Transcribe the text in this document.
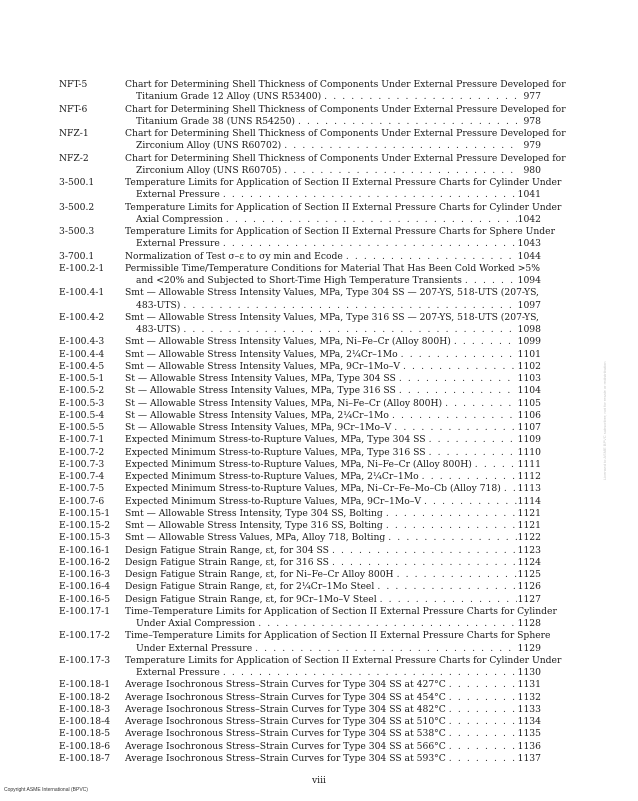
NFT-5	Chart for Determining Shell Thickness of Components Under External Pressure Developed for
Titanium Grade 12 Alloy (UNS R53400) . . .	977
NFT-6	Chart for Determining Shell Thickness of Components Under External Pressure Developed for
Titanium Grade 38 (UNS R54250) . . .	978
NFZ-1	Chart for Determining Shell Thickness of Components Under External Pressure Developed for
Zirconium Alloy (UNS R60702) . . .	979
NFZ-2	Chart for Determining Shell Thickness of Components Under External Pressure Developed for
Zirconium Alloy (UNS R60705) . . .	980
3-500.1	Temperature Limits for Application of Section II External Pressure Charts for Cylinder Under
External Pressure . . .	1041
3-500.2	Temperature Limits for Application of Section II External Pressure Charts for Cylinder Under
Axial Compression . . .	1042
3-500.3	Temperature Limits for Application of Section II External Pressure Charts for Sphere Under
External Pressure . . .	1043
3-700.1	Normalization of Test σ–ε to σy min and Ecode . . .	1044
E-100.2-1	Permissible Time/Temperature Conditions for Material That Has Been Cold Worked >5%
and <20% and Subjected to Short-Time High Temperature Transients . . .	1094
E-100.4-1	Smt — Allowable Stress Intensity Values, MPa, Type 304 SS — 207-YS, 518-UTS (207-YS,
483-UTS) . . .	1097
E-100.4-2	Smt — Allowable Stress Intensity Values, MPa, Type 316 SS — 207-YS, 518-UTS (207-YS,
483-UTS) . . .	1098
E-100.4-3	Smt — Allowable Stress Intensity Values, MPa, Ni–Fe–Cr (Alloy 800H) . . .	1099
E-100.4-4	Smt — Allowable Stress Intensity Values, MPa, 2¼Cr–1Mo . . .	1101
E-100.4-5	Smt — Allowable Stress Intensity Values, MPa, 9Cr–1Mo–V . . .	1102
E-100.5-1	St — Allowable Stress Intensity Values, MPa, Type 304 SS . . .	1103
E-100.5-2	St — Allowable Stress Intensity Values, MPa, Type 316 SS . . .	1104
E-100.5-3	St — Allowable Stress Intensity Values, MPa, Ni–Fe–Cr (Alloy 800H) . . .	1105
E-100.5-4	St — Allowable Stress Intensity Values, MPa, 2¼Cr–1Mo . . .	1106
E-100.5-5	St — Allowable Stress Intensity Values, MPa, 9Cr–1Mo–V . . .	1107
E-100.7-1	Expected Minimum Stress-to-Rupture Values, MPa, Type 304 SS . . .	1109
E-100.7-2	Expected Minimum Stress-to-Rupture Values, MPa, Type 316 SS . . .	1110
E-100.7-3	Expected Minimum Stress-to-Rupture Values, MPa, Ni–Fe–Cr (Alloy 800H) . . .	1111
E-100.7-4	Expected Minimum Stress-to-Rupture Values, MPa, 2¼Cr–1Mo . . .	1112
E-100.7-5	Expected Minimum Stress-to-Rupture Values, MPa, Ni–Cr–Fe–Mo–Cb (Alloy 718) . . . 1113
E-100.7-6	Expected Minimum Stress-to-Rupture Values, MPa, 9Cr–1Mo–V . . .	1114
E-100.15-1	Smt — Allowable Stress Intensity, Type 304 SS, Bolting . . .	1121
E-100.15-2	Smt — Allowable Stress Intensity, Type 316 SS, Bolting . . .	1121
E-100.15-3	Smt — Allowable Stress Values, MPa, Alloy 718, Bolting . . .	1122
E-100.16-1	Design Fatigue Strain Range, εt, for 304 SS . . .	1123
E-100.16-2	Design Fatigue Strain Range, εt, for 316 SS . . .	1124
E-100.16-3	Design Fatigue Strain Range, εt, for Ni–Fe–Cr Alloy 800H . . .	1125
E-100.16-4	Design Fatigue Strain Range, εt, for 2¼Cr–1Mo Steel . . .	1126
E-100.16-5	Design Fatigue Strain Range, εt, for 9Cr–1Mo–V Steel . . .	1127
E-100.17-1	Time–Temperature Limits for Application of Section II External Pressure Charts for Cylinder
Under Axial Compression . . .	1128
E-100.17-2	Time–Temperature Limits for Application of Section II External Pressure Charts for Sphere
Under External Pressure . . .	1129
E-100.17-3	Temperature Limits for Application of Section II External Pressure Charts for Cylinder Under
External Pressure . . .	1130
E-100.18-1	Average Isochronous Stress–Strain Curves for Type 304 SS at 427°C . . .	1131
E-100.18-2	Average Isochronous Stress–Strain Curves for Type 304 SS at 454°C . . .	1132
E-100.18-3	Average Isochronous Stress–Strain Curves for Type 304 SS at 482°C . . .	1133
E-100.18-4	Average Isochronous Stress–Strain Curves for Type 304 SS at 510°C . . .	1134
E-100.18-5	Average Isochronous Stress–Strain Curves for Type 304 SS at 538°C . . .	1135
E-100.18-6	Average Isochronous Stress–Strain Curves for Type 304 SS at 566°C . . .	1136
E-100.18-7	Average Isochronous Stress–Strain Curves for Type 304 SS at 593°C . . .	1137
viii
Copyright ASME International (BPVC)
Licensed to ASME BPVC subscriber; not for resale or redistribution
